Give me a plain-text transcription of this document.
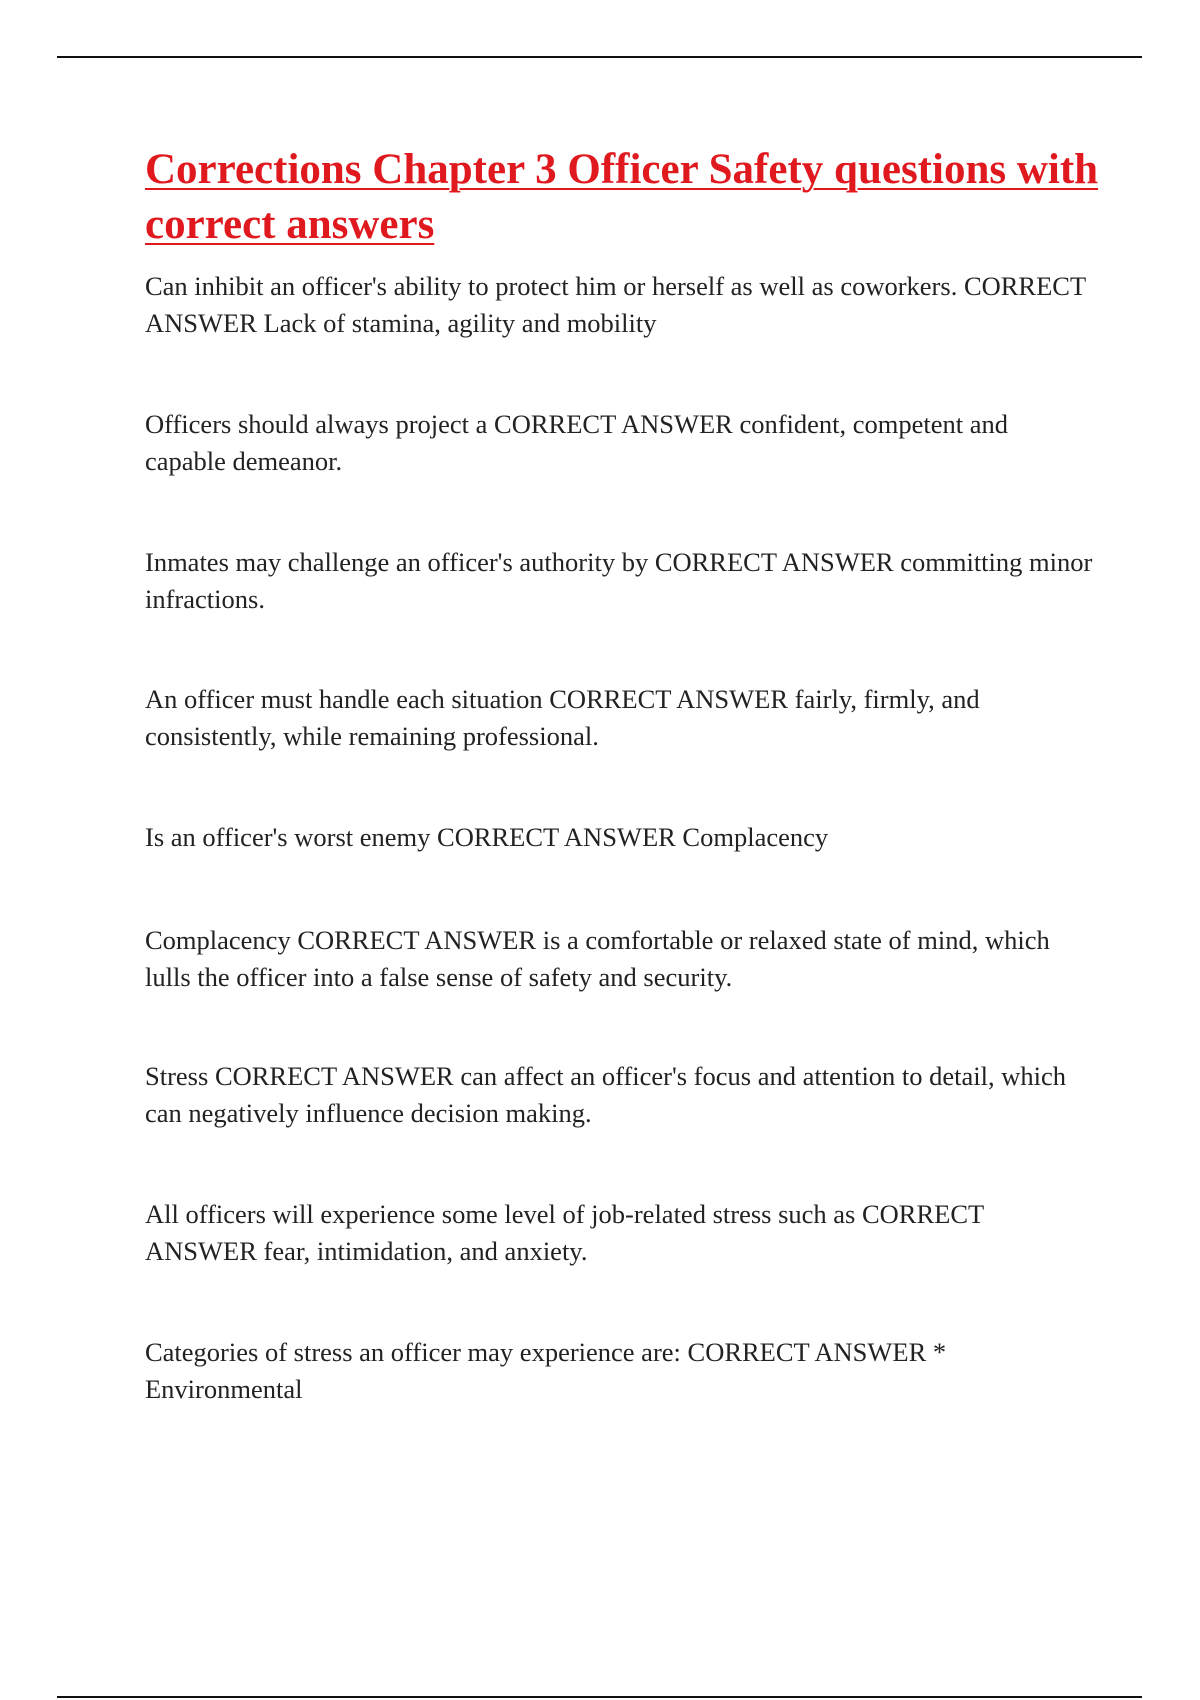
Corrections Chapter 3 Officer Safety questions with correct answers

Can inhibit an officer's ability to protect him or herself as well as coworkers. CORRECT ANSWER Lack of stamina, agility and mobility

Officers should always project a CORRECT ANSWER confident, competent and capable demeanor.

Inmates may challenge an officer's authority by CORRECT ANSWER committing minor infractions.

An officer must handle each situation CORRECT ANSWER fairly, firmly, and consistently, while remaining professional.

Is an officer's worst enemy CORRECT ANSWER Complacency

Complacency CORRECT ANSWER is a comfortable or relaxed state of mind, which lulls the officer into a false sense of safety and security.

Stress CORRECT ANSWER can affect an officer's focus and attention to detail, which can negatively influence decision making.

All officers will experience some level of job-related stress such as CORRECT ANSWER fear, intimidation, and anxiety.

Categories of stress an officer may experience are: CORRECT ANSWER * Environmental
